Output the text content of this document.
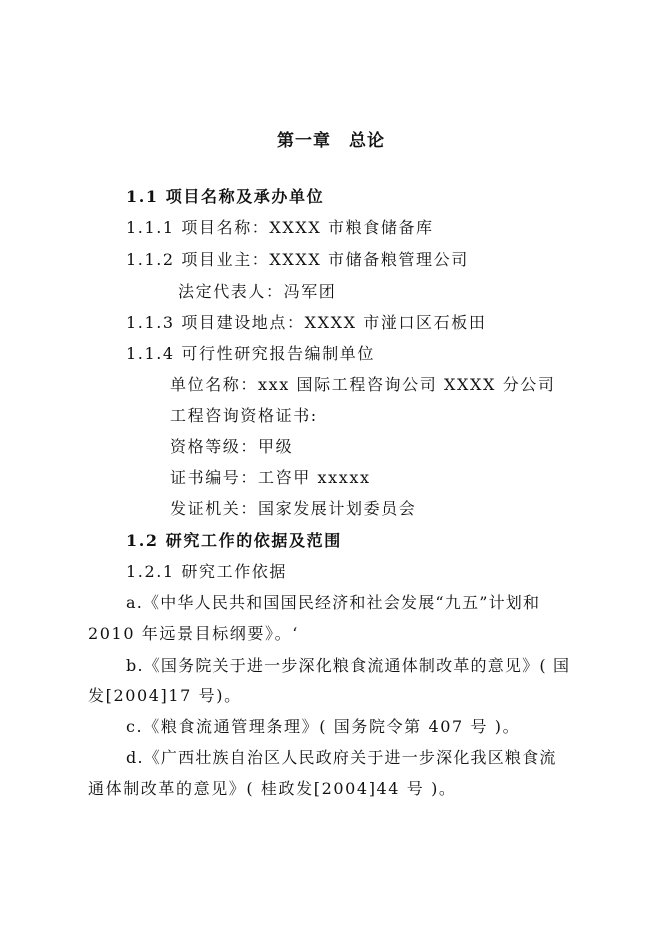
第一章 总论
1.1 项目名称及承办单位
1.1.1 项目名称：XXXX 市粮食储备库
1.1.2 项目业主：XXXX 市储备粮管理公司
法定代表人：冯军团
1.1.3 项目建设地点：XXXX 市湴口区石板田
1.1.4 可行性研究报告编制单位
单位名称：xxx 国际工程咨询公司 XXXX 分公司
工程咨询资格证书:
资格等级：甲级
证书编号：工咨甲 xxxxx
发证机关：国家发展计划委员会
1.2 研究工作的依据及范围
1.2.1 研究工作依据
a.《中华人民共和国国民经济和社会发展“九五”计划和
2010 年远景目标纲要》。‘
b.《国务院关于进一步深化粮食流通体制改革的意见》( 国
发[2004]17 号)。
c.《粮食流通管理条理》( 国务院令第 407 号 )。
d.《广西壮族自治区人民政府关于进一步深化我区粮食流
通体制改革的意见》( 桂政发[2004]44 号 )。
